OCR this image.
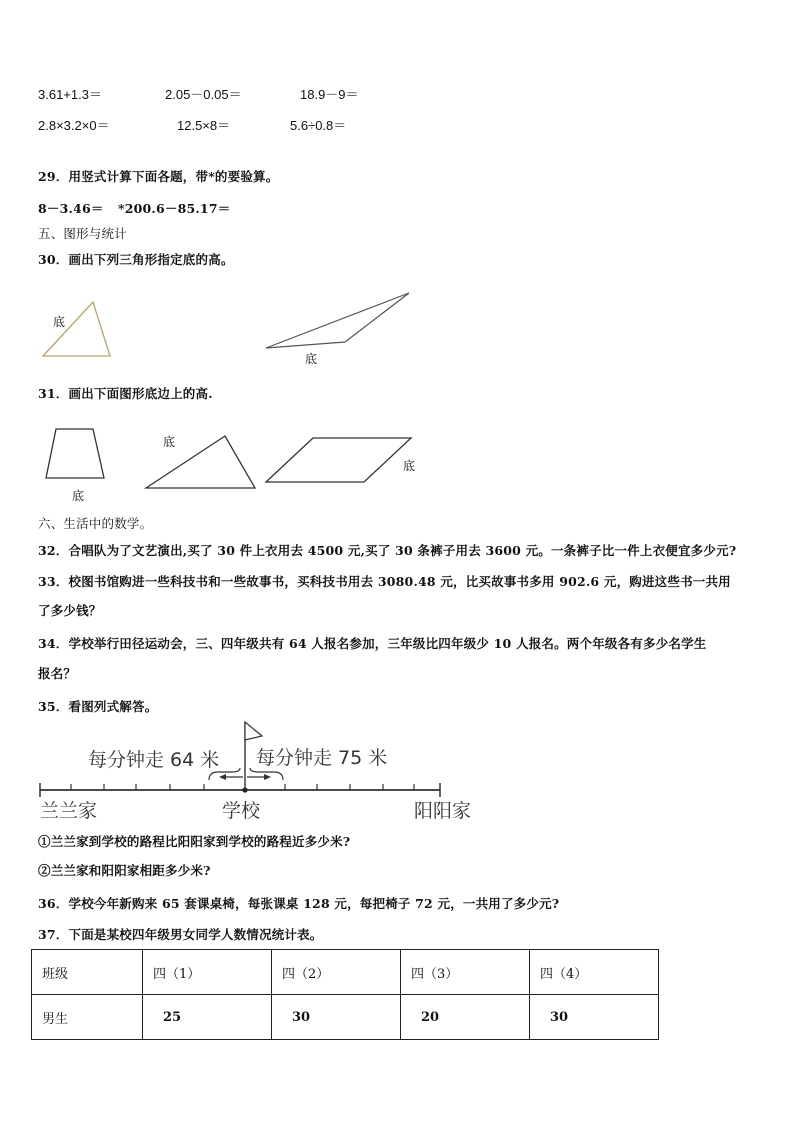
3.61+1.3＝	2.05－0.05＝	18.9－9＝
2.8×3.2×0＝	12.5×8＝	5.6÷0.8＝
29．用竖式计算下面各题，带*的要验算。
8－3.46＝ *200.6－85.17＝
五、图形与统计
30．画出下列三角形指定底的高。
底
底
31．画出下面图形底边上的高.
底
底
底
六、生活中的数学。
32．合唱队为了文艺演出,买了 30 件上衣用去 4500 元,买了 30 条裤子用去 3600 元。一条裤子比一件上衣便宜多少元?
33．校图书馆购进一些科技书和一些故事书，买科技书用去 3080.48 元，比买故事书多用 902.6 元，购进这些书一共用
了多少钱？
34．学校举行田径运动会，三、四年级共有 64 人报名参加，三年级比四年级少 10 人报名。两个年级各有多少名学生
报名？
35．看图列式解答。
每分钟走 64 米 每分钟走 75 米
兰兰家	学校	阳阳家
①兰兰家到学校的路程比阳阳家到学校的路程近多少米?
②兰兰家和阳阳家相距多少米?
36．学校今年新购来 65 套课桌椅，每张课桌 128 元，每把椅子 72 元，一共用了多少元?
37．下面是某校四年级男女同学人数情况统计表。
班级	四（1）	四（2）	四（3）	四（4）
男生	25	30	20	30
